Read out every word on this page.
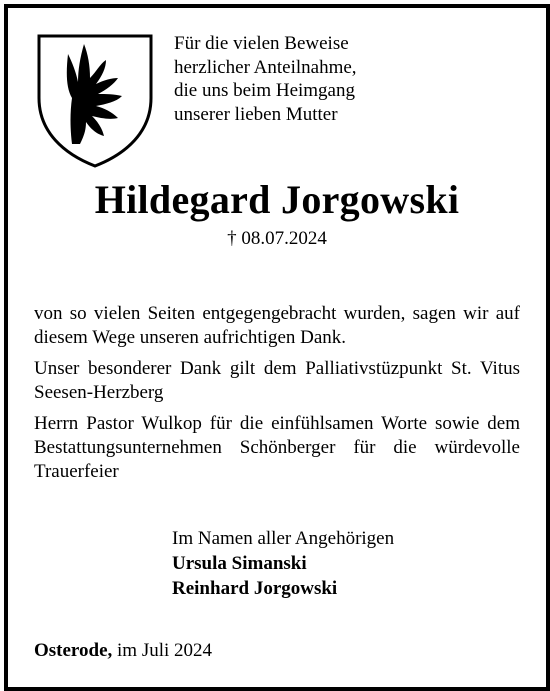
Für die vielen Beweise
herzlicher Anteilnahme,
die uns beim Heimgang
unserer lieben Mutter
Hildegard Jorgowski
† 08.07.2024

von so vielen Seiten entgegengebracht wurden, sagen wir auf diesem Wege unseren aufrichtigen Dank.

Unser besonderer Dank gilt dem Palliativstüzpunkt St. Vitus Seesen-Herzberg

Herrn Pastor Wulkop für die einfühlsamen Worte sowie dem Bestattungsunternehmen Schönberger für die würdevolle Trauerfeier

Im Namen aller Angehörigen
Ursula Simanski
Reinhard Jorgowski
Osterode, im Juli 2024
